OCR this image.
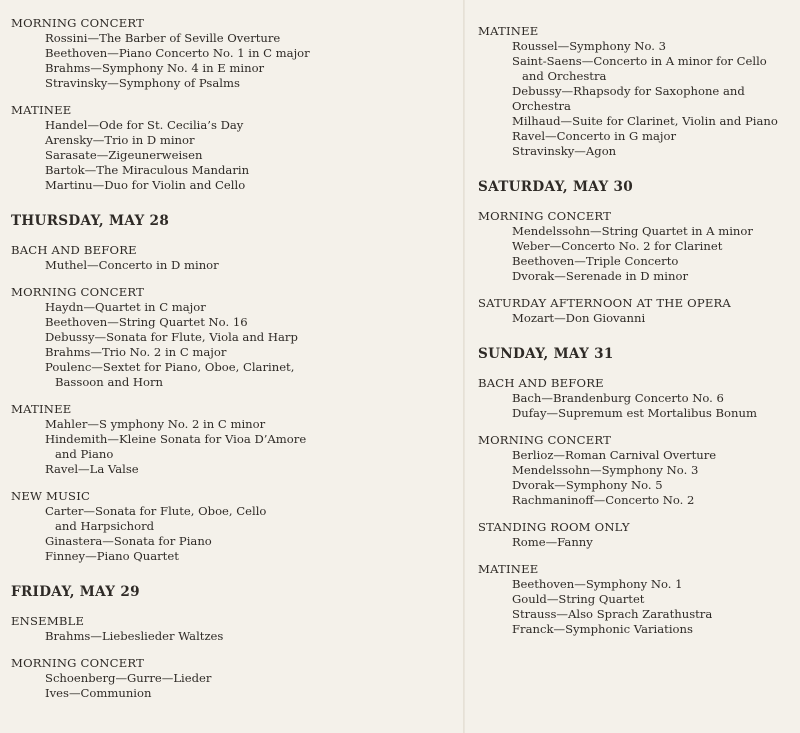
MORNING CONCERT
Rossini—The Barber of Seville Overture
Beethoven—Piano Concerto No. 1 in C major
Brahms—Symphony No. 4 in E minor
Stravinsky—Symphony of Psalms
MATINEE
Handel—Ode for St. Cecilia’s Day
Arensky—Trio in D minor
Sarasate—Zigeunerweisen
Bartok—The Miraculous Mandarin
Martinu—Duo for Violin and Cello
THURSDAY, MAY 28
BACH AND BEFORE
Muthel—Concerto in D minor
MORNING CONCERT
Haydn—Quartet in C major
Beethoven—String Quartet No. 16
Debussy—Sonata for Flute, Viola and Harp
Brahms—Trio No. 2 in C major
Poulenc—Sextet for Piano, Oboe, Clarinet,
Bassoon and Horn
MATINEE
Mahler—S ymphony No. 2 in C minor
Hindemith—Kleine Sonata for Vioa D’Amore
and Piano
Ravel—La Valse
NEW MUSIC
Carter—Sonata for Flute, Oboe, Cello
and Harpsichord
Ginastera—Sonata for Piano
Finney—Piano Quartet
FRIDAY, MAY 29
ENSEMBLE
Brahms—Liebeslieder Waltzes
MORNING CONCERT
Schoenberg—Gurre—Lieder
Ives—Communion
MATINEE
Roussel—Symphony No. 3
Saint-Saens—Concerto in A minor for Cello
and Orchestra
Debussy—Rhapsody for Saxophone and Orchestra
Milhaud—Suite for Clarinet, Violin and Piano
Ravel—Concerto in G major
Stravinsky—Agon
SATURDAY, MAY 30
MORNING CONCERT
Mendelssohn—String Quartet in A minor
Weber—Concerto No. 2 for Clarinet
Beethoven—Triple Concerto
Dvorak—Serenade in D minor
SATURDAY AFTERNOON AT THE OPERA
Mozart—Don Giovanni
SUNDAY, MAY 31
BACH AND BEFORE
Bach—Brandenburg Concerto No. 6
Dufay—Supremum est Mortalibus Bonum
MORNING CONCERT
Berlioz—Roman Carnival Overture
Mendelssohn—Symphony No. 3
Dvorak—Symphony No. 5
Rachmaninoff—Concerto No. 2
STANDING ROOM ONLY
Rome—Fanny
MATINEE
Beethoven—Symphony No. 1
Gould—String Quartet
Strauss—Also Sprach Zarathustra
Franck—Symphonic Variations
